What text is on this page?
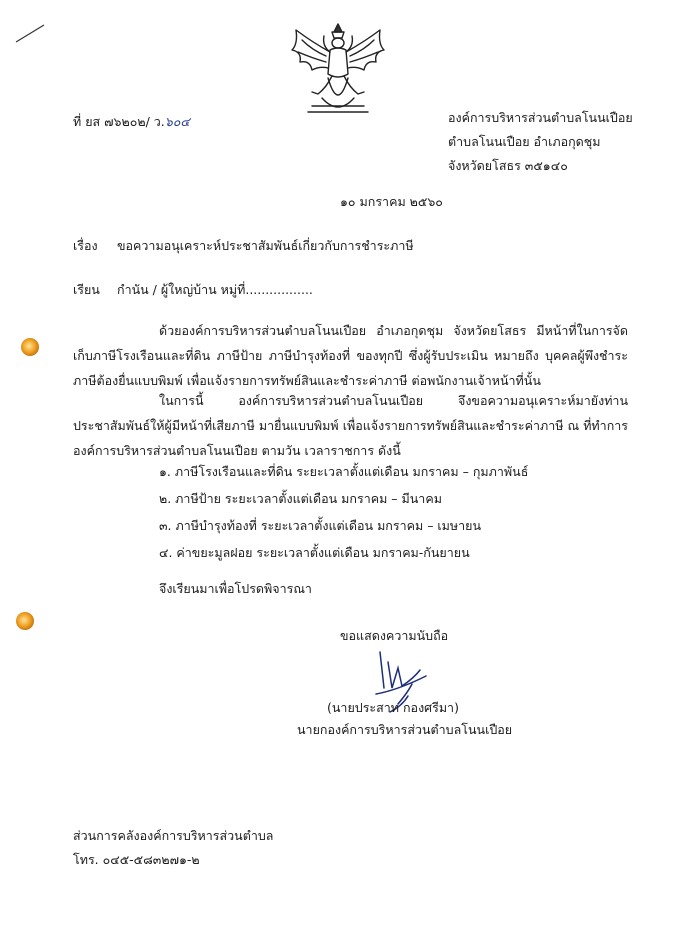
ที่ ยส ๗๖๒๐๒/ ว.๖๐๔	องค์การบริหารส่วนตำบลโนนเปือย
ตำบลโนนเปือย อำเภอกุดชุม
จังหวัดยโสธร ๓๕๑๔๐
๑๐ มกราคม ๒๕๖๐
เรื่อง ขอความอนุเคราะห์ประชาสัมพันธ์เกี่ยวกับการชำระภาษี
เรียน กำนัน / ผู้ใหญ่บ้าน หมู่ที่.................
ด้วยองค์การบริหารส่วนตำบลโนนเปือย อำเภอกุดชุม จังหวัดยโสธร มีหน้าที่ในการจัดเก็บภาษีโรงเรือนและที่ดิน ภาษีป้าย ภาษีบำรุงท้องที่ ของทุกปี ซึ่งผู้รับประเมิน หมายถึง บุคคลผู้พึงชำระภาษีต้องยื่นแบบพิมพ์ เพื่อแจ้งรายการทรัพย์สินและชำระค่าภาษี ต่อพนักงานเจ้าหน้าที่นั้น
ในการนี้ องค์การบริหารส่วนตำบลโนนเปือย จึงขอความอนุเคราะห์มายังท่านประชาสัมพันธ์ให้ผู้มีหน้าที่เสียภาษี มายื่นแบบพิมพ์ เพื่อแจ้งรายการทรัพย์สินและชำระค่าภาษี ณ ที่ทำการองค์การบริหารส่วนตำบลโนนเปือย ตามวัน เวลาราชการ ดังนี้
๑. ภาษีโรงเรือนและที่ดิน ระยะเวลาตั้งแต่เดือน มกราคม – กุมภาพันธ์
๒. ภาษีป้าย ระยะเวลาตั้งแต่เดือน มกราคม – มีนาคม
๓. ภาษีบำรุงท้องที่ ระยะเวลาตั้งแต่เดือน มกราคม – เมษายน
๔. ค่าขยะมูลฝอย ระยะเวลาตั้งแต่เดือน มกราคม-กันยายน
จึงเรียนมาเพื่อโปรดพิจารณา
ขอแสดงความนับถือ
(นายประสาท กองศรีมา)
นายกองค์การบริหารส่วนตำบลโนนเปือย
ส่วนการคลังองค์การบริหารส่วนตำบล
โทร. ๐๔๕-๕๘๓๒๗๑-๒
